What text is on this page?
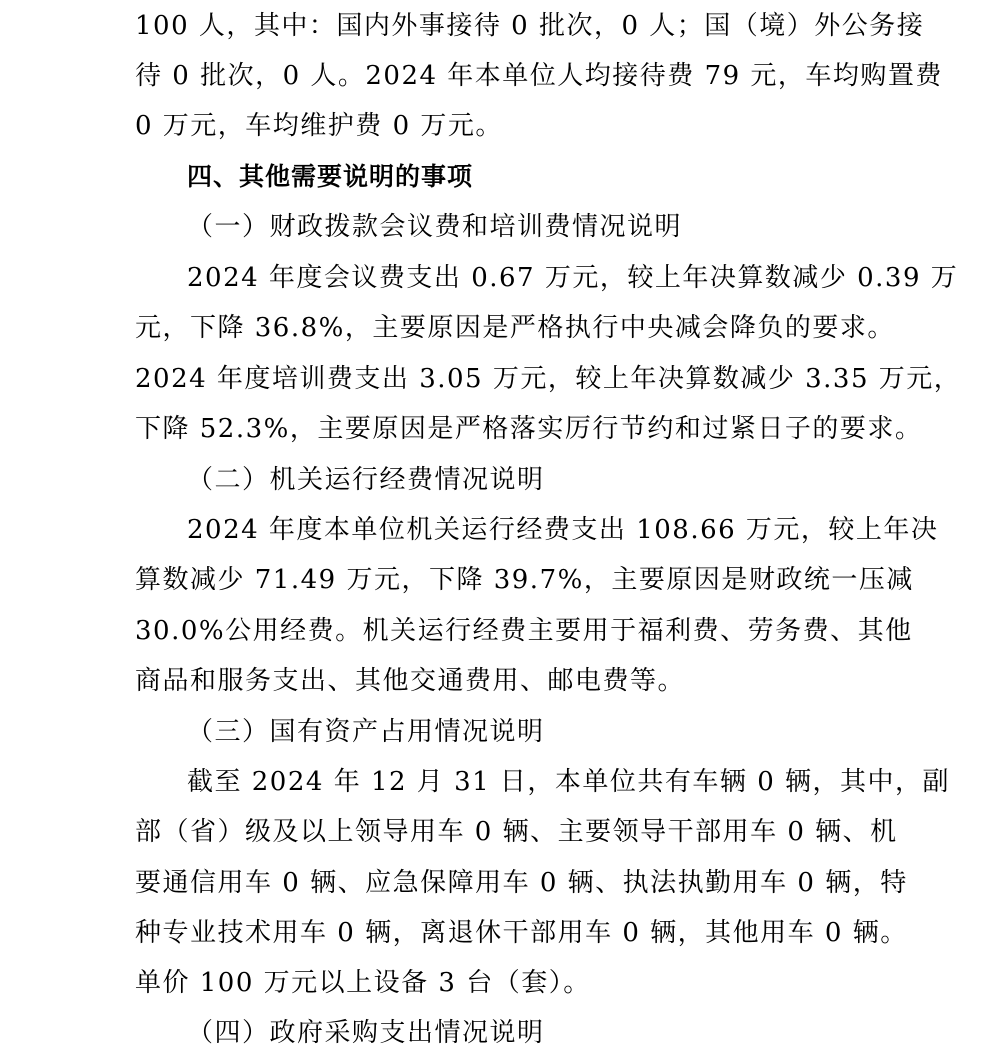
100 人，其中：国内外事接待 0 批次，0 人；国（境）外公务接
待 0 批次，0 人。2024 年本单位人均接待费 79 元，车均购置费
0 万元，车均维护费 0 万元。
四、其他需要说明的事项
（一）财政拨款会议费和培训费情况说明
2024 年度会议费支出 0.67 万元，较上年决算数减少 0.39 万
元，下降 36.8%，主要原因是严格执行中央减会降负的要求。
2024 年度培训费支出 3.05 万元，较上年决算数减少 3.35 万元，
下降 52.3%，主要原因是严格落实厉行节约和过紧日子的要求。
（二）机关运行经费情况说明
2024 年度本单位机关运行经费支出 108.66 万元，较上年决
算数减少 71.49 万元，下降 39.7%，主要原因是财政统一压减
30.0%公用经费。机关运行经费主要用于福利费、劳务费、其他
商品和服务支出、其他交通费用、邮电费等。
（三）国有资产占用情况说明
截至 2024 年 12 月 31 日，本单位共有车辆 0 辆，其中，副
部（省）级及以上领导用车 0 辆、主要领导干部用车 0 辆、机
要通信用车 0 辆、应急保障用车 0 辆、执法执勤用车 0 辆，特
种专业技术用车 0 辆，离退休干部用车 0 辆，其他用车 0 辆。
单价 100 万元以上设备 3 台（套）。
（四）政府采购支出情况说明
